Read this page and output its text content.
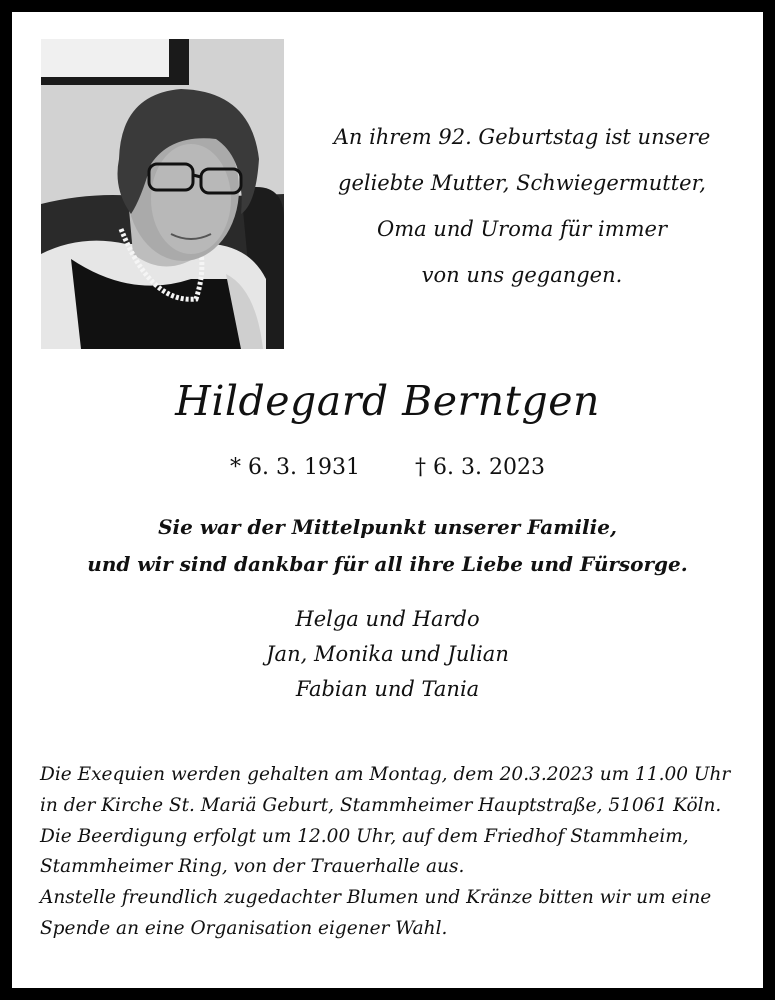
An ihrem 92. Geburtstag ist unsere
geliebte Mutter, Schwiegermutter,
Oma und Uroma für immer
von uns gegangen.
Hildegard Berntgen
* 6. 3. 1931	† 6. 3. 2023
Sie war der Mittelpunkt unserer Familie,
und wir sind dankbar für all ihre Liebe und Fürsorge.
Helga und Hardo
Jan, Monika und Julian
Fabian und Tania
Die Exequien werden gehalten am Montag, dem 20.3.2023 um 11.00 Uhr
in der Kirche St. Mariä Geburt, Stammheimer Hauptstraße, 51061 Köln.
Die Beerdigung erfolgt um 12.00 Uhr, auf dem Friedhof Stammheim,
Stammheimer Ring, von der Trauerhalle aus.
Anstelle freundlich zugedachter Blumen und Kränze bitten wir um eine
Spende an eine Organisation eigener Wahl.
